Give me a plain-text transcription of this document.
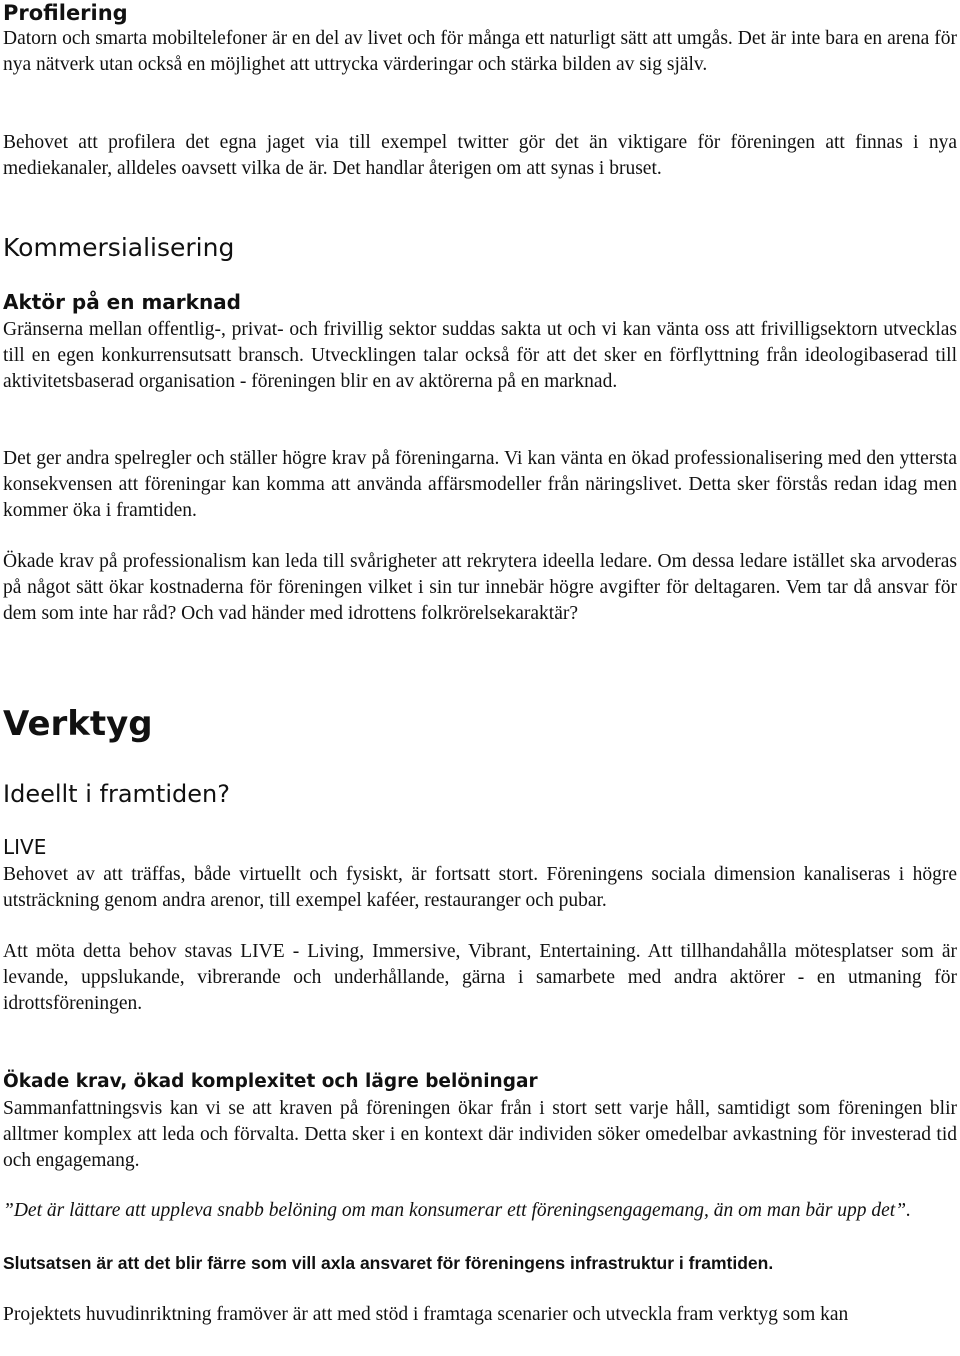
Profilering

Datorn och smarta mobiltelefoner är en del av livet och för många ett naturligt sätt att umgås. Det är inte bara en arena för nya nätverk utan också en möjlighet att uttrycka värderingar och stärka bilden av sig själv.

Behovet att profilera det egna jaget via till exempel twitter gör det än viktigare för föreningen att finnas i nya mediekanaler, alldeles oavsett vilka de är. Det handlar återigen om att synas i bruset.

Kommersialisering
Aktör på en marknad

Gränserna mellan offentlig-, privat- och frivillig sektor suddas sakta ut och vi kan vänta oss att frivilligsektorn utvecklas till en egen konkurrensutsatt bransch. Utvecklingen talar också för att det sker en förflyttning från ideologibaserad till aktivitetsbaserad organisation - föreningen blir en av aktörerna på en marknad.

Det ger andra spelregler och ställer högre krav på föreningarna. Vi kan vänta en ökad professionalisering med den yttersta konsekvensen att föreningar kan komma att använda affärsmodeller från näringslivet. Detta sker förstås redan idag men kommer öka i framtiden.

Ökade krav på professionalism kan leda till svårigheter att rekrytera ideella ledare. Om dessa ledare istället ska arvoderas på något sätt ökar kostnaderna för föreningen vilket i sin tur innebär högre avgifter för deltagaren. Vem tar då ansvar för dem som inte har råd? Och vad händer med idrottens folkrörelsekaraktär?

Verktyg
Ideellt i framtiden?
LIVE

Behovet av att träffas, både virtuellt och fysiskt, är fortsatt stort. Föreningens sociala dimension kanaliseras i högre utsträckning genom andra arenor, till exempel kaféer, restauranger och pubar.

Att möta detta behov stavas LIVE - Living, Immersive, Vibrant, Entertaining. Att tillhandahålla mötesplatser som är levande, uppslukande, vibrerande och underhållande, gärna i samarbete med andra aktörer - en utmaning för idrottsföreningen.

Ökade krav, ökad komplexitet och lägre belöningar

Sammanfattningsvis kan vi se att kraven på föreningen ökar från i stort sett varje håll, samtidigt som föreningen blir alltmer komplex att leda och förvalta. Detta sker i en kontext där individen söker omedelbar avkastning för investerad tid och engagemang.

”Det är lättare att uppleva snabb belöning om man konsumerar ett föreningsengagemang, än om man bär upp det”.

Slutsatsen är att det blir färre som vill axla ansvaret för föreningens infrastruktur i framtiden.

Projektets huvudinriktning framöver är att med stöd i framtaga scenarier och utveckla fram verktyg som kan
